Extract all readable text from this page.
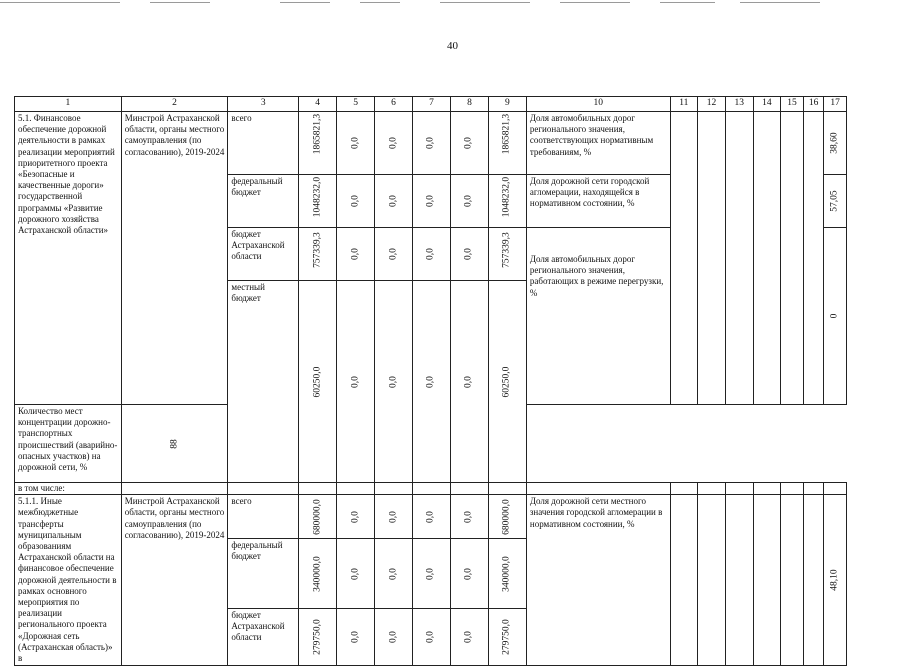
40
1	2	3	4	5	6	7	8	9	10	11	12	13	14	15	16	17
5.1. Финансовое обеспечение дорожной деятельности в рамках реализации мероприятий приоритетного проекта «Безопасные и качественные дороги» государственной программы «Развитие дорожного хозяйства Астраханской области»	Минстрой Астраханской области, органы местного самоуправления (по согласованию), 2019-2024	всего	1865821,3	0,0	0,0	0,0	0,0	1865821,3	Доля автомобильных дорог регионального значения, соответствующих нормативным требованиям, %							38,60

		федеральный бюджет	1048232,0	0,0	0,0	0,0	0,0	1048232,0	Доля дорожной сети городской агломерации, находящейся в нормативном состоянии, %							57,05

		бюджет Астраханской области	757339,3	0,0	0,0	0,0	0,0	757339,3	Доля автомобильных дорог регионального значения, работающих в режиме перегрузки, %							0

		местный бюджет	60250,0	0,0	0,0	0,0	0,0	60250,0								

Количество мест концентрации дорожно-транспортных происшествий (аварийно-опасных участков) на дорожной сети, %	88															

в том числе:																
5.1.1. Иные межбюджетные трансферты муниципальным образованиям Астраханской области на финансовое обеспечение дорожной деятельности в рамках основного мероприятия по реализации регионального проекта «Дорожная сеть (Астраханская область)» в	Минстрой Астраханской области, органы местного самоуправления (по согласованию), 2019-2024	всего	680000,0	0,0	0,0	0,0	0,0	680000,0	Доля дорожной сети местного значения городской агломерации в нормативном состоянии, %							48,10

		федеральный бюджет	340000,0	0,0	0,0	0,0	0,0	340000,0								

		бюджет Астраханской области	279750,0	0,0	0,0	0,0	0,0	279750,0								
